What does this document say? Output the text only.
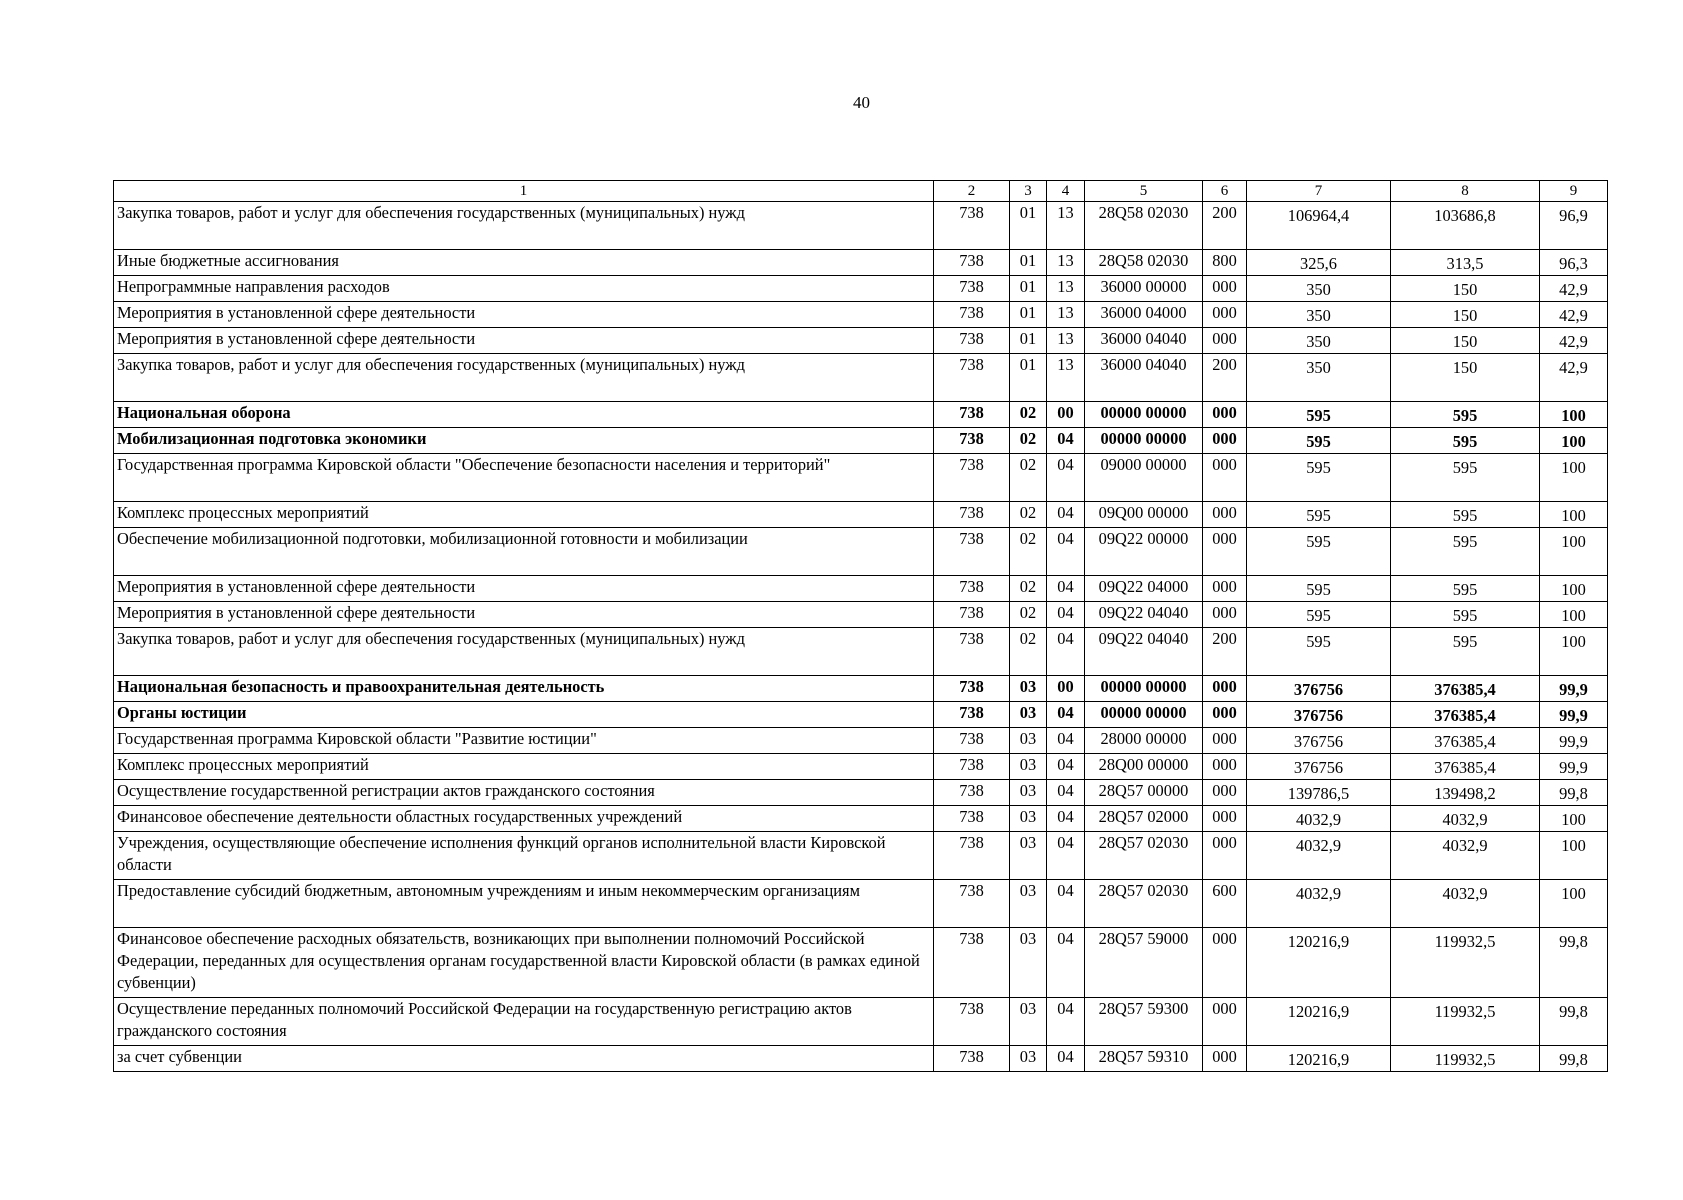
40
1	2	3	4	5	6	7	8	9
Закупка товаров, работ и услуг для обеспечения государственных (муниципальных) нужд	738	01	13	28Q58 02030	200	106964,4	103686,8	96,9
Иные бюджетные ассигнования	738	01	13	28Q58 02030	800	325,6	313,5	96,3
Непрограммные направления расходов	738	01	13	36000 00000	000	350	150	42,9
Мероприятия в установленной сфере деятельности	738	01	13	36000 04000	000	350	150	42,9
Мероприятия в установленной сфере деятельности	738	01	13	36000 04040	000	350	150	42,9
Закупка товаров, работ и услуг для обеспечения государственных (муниципальных) нужд	738	01	13	36000 04040	200	350	150	42,9
Национальная оборона	738	02	00	00000 00000	000	595	595	100
Мобилизационная подготовка экономики	738	02	04	00000 00000	000	595	595	100
Государственная программа Кировской области "Обеспечение безопасности населения и территорий"	738	02	04	09000 00000	000	595	595	100
Комплекс процессных мероприятий	738	02	04	09Q00 00000	000	595	595	100
Обеспечение мобилизационной подготовки, мобилизационной готовности и мобилизации	738	02	04	09Q22 00000	000	595	595	100
Мероприятия в установленной сфере деятельности	738	02	04	09Q22 04000	000	595	595	100
Мероприятия в установленной сфере деятельности	738	02	04	09Q22 04040	000	595	595	100
Закупка товаров, работ и услуг для обеспечения государственных (муниципальных) нужд	738	02	04	09Q22 04040	200	595	595	100
Национальная безопасность и правоохранительная деятельность	738	03	00	00000 00000	000	376756	376385,4	99,9
Органы юстиции	738	03	04	00000 00000	000	376756	376385,4	99,9
Государственная программа Кировской области "Развитие юстиции"	738	03	04	28000 00000	000	376756	376385,4	99,9
Комплекс процессных мероприятий	738	03	04	28Q00 00000	000	376756	376385,4	99,9
Осуществление государственной регистрации актов гражданского состояния	738	03	04	28Q57 00000	000	139786,5	139498,2	99,8
Финансовое обеспечение деятельности областных государственных учреждений	738	03	04	28Q57 02000	000	4032,9	4032,9	100
Учреждения, осуществляющие обеспечение исполнения функций органов исполнительной власти Кировской области	738	03	04	28Q57 02030	000	4032,9	4032,9	100
Предоставление субсидий бюджетным, автономным учреждениям и иным некоммерческим организациям	738	03	04	28Q57 02030	600	4032,9	4032,9	100
Финансовое обеспечение расходных обязательств, возникающих при выполнении полномочий Российской Федерации, переданных для осуществления органам государственной власти Кировской области (в рамках единой субвенции)	738	03	04	28Q57 59000	000	120216,9	119932,5	99,8
Осуществление переданных полномочий Российской Федерации на государственную регистрацию актов гражданского состояния	738	03	04	28Q57 59300	000	120216,9	119932,5	99,8
за счет субвенции	738	03	04	28Q57 59310	000	120216,9	119932,5	99,8
